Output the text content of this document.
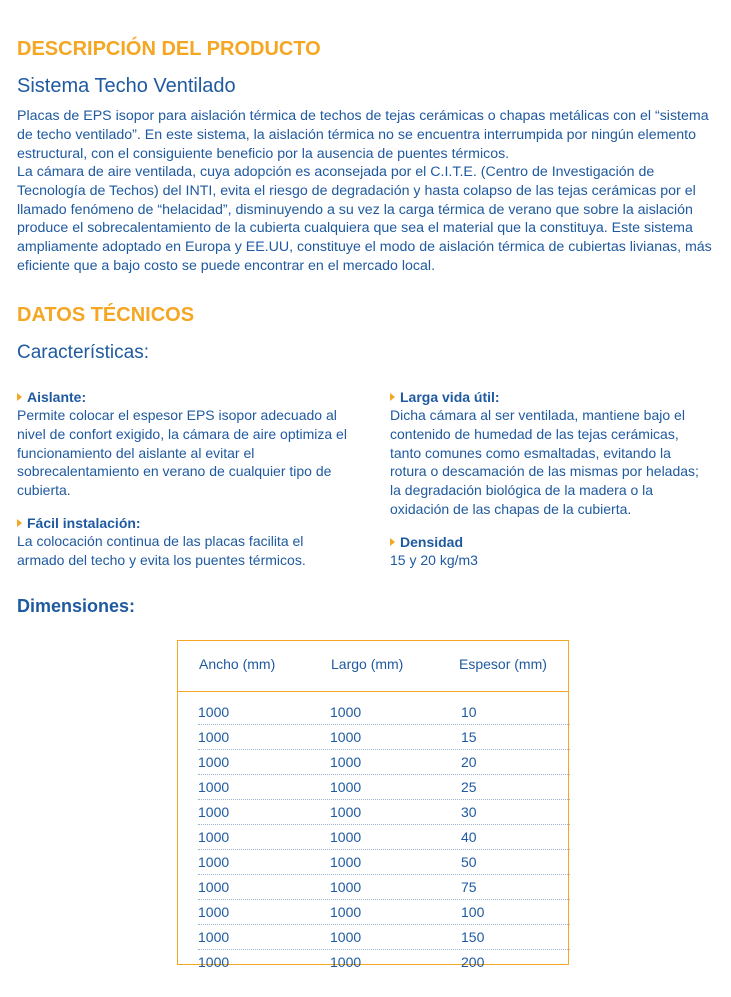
DESCRIPCIÓN DEL PRODUCTO
Sistema Techo Ventilado

Placas de EPS isopor para aislación térmica de techos de tejas cerámicas o chapas metálicas con el “sistema de techo ventilado”. En este sistema, la aislación térmica no se encuentra interrumpida por ningún elemento estructural, con el consiguiente beneficio por la ausencia de puentes térmicos.

La cámara de aire ventilada, cuya adopción es aconsejada por el C.I.T.E. (Centro de Investigación de Tecnología de Techos) del INTI, evita el riesgo de degradación y hasta colapso de las tejas cerámicas por el llamado fenómeno de “helacidad”, disminuyendo a su vez la carga térmica de verano que sobre la aislación produce el sobrecalentamiento de la cubierta cualquiera que sea el material que la constituya. Este sistema ampliamente adoptado en Europa y EE.UU, constituye el modo de aislación térmica de cubiertas livianas, más eficiente que a bajo costo se puede encontrar en el mercado local.

DATOS TÉCNICOS
Características:
Aislante:
Permite colocar el espesor EPS isopor adecuado al nivel de confort exigido, la cámara de aire optimiza el funcionamiento del aislante al evitar el sobrecalentamiento en verano de cualquier tipo de cubierta.
Fácil instalación:
La colocación continua de las placas facilita el armado del techo y evita los puentes térmicos.
Larga vida útil:
Dicha cámara al ser ventilada, mantiene bajo el contenido de humedad de las tejas cerámicas, tanto comunes como esmaltadas, evitando la rotura o descamación de las mismas por heladas; la degradación biológica de la madera o la oxidación de las chapas de la cubierta.
Densidad
15 y 20 kg/m3
Dimensiones:
Ancho (mm)	Largo (mm)	Espesor (mm)
1000	1000	10
1000	1000	15
1000	1000	20
1000	1000	25
1000	1000	30
1000	1000	40
1000	1000	50
1000	1000	75
1000	1000	100
1000	1000	150
1000	1000	200
